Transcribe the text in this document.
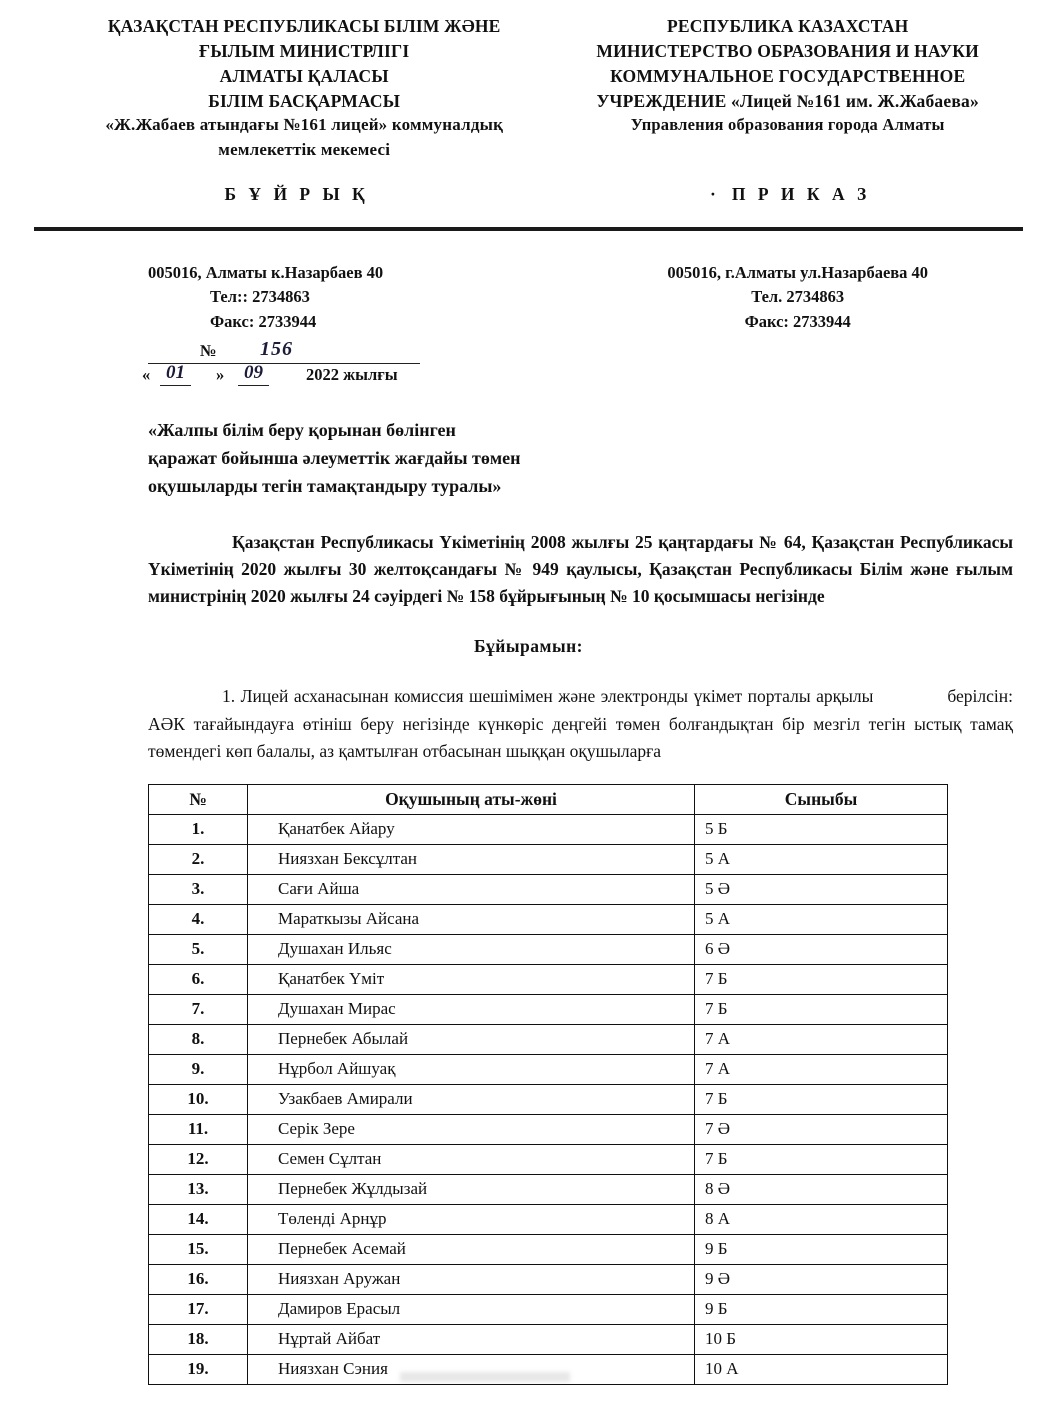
ҚАЗАҚСТАН РЕСПУБЛИКАСЫ БІЛІМ ЖӘНЕ
ҒЫЛЫМ МИНИСТРЛІГІ
АЛМАТЫ ҚАЛАСЫ
БІЛІМ БАСҚАРМАСЫ
«Ж.Жабаев атындағы №161 лицей» коммуналдық
мемлекеттік мекемесі
РЕСПУБЛИКА КАЗАХСТАН
МИНИСТЕРСТВО ОБРАЗОВАНИЯ И НАУКИ
КОММУНАЛЬНОЕ ГОСУДАРСТВЕННОЕ
УЧРЕЖДЕНИЕ «Лицей №161 им. Ж.Жабаева»
Управления образования города Алматы
Б Ұ Й Р Ы Қ	· П Р И К А З
005016, Алматы к.Назарбаев 40
Тел:: 2734863
Факс: 2733944
005016, г.Алматы ул.Назарбаева 40
Тел. 2734863
Факс: 2733944
№ 156
« 01	»	09	2022 жылғы
«Жалпы білім беру қорынан бөлінген
қаражат бойынша әлеуметтік жағдайы төмен
оқушыларды тегін тамақтандыру туралы»
Қазақстан Республикасы Үкіметінің 2008 жылғы 25 қаңтардағы № 64, Қазақстан Республикасы Үкіметінің 2020 жылғы 30 желтоқсандағы № 949 қаулысы, Қазақстан Республикасы Білім және ғылым министрінің 2020 жылғы 24 сәуірдегі № 158 бұйрығының № 10 қосымшасы негізінде
Бұйырамын:
берілсін:
1. Лицей асханасынан комиссия шешімімен және электронды үкімет порталы арқылы АӘК тағайындауға өтініш беру негізінде күнкөріс деңгейі төмен болғандықтан бір мезгіл тегін ыстық тамақ төмендегі көп балалы, аз қамтылған отбасынан шыққан оқушыларға
№	Оқушының аты-жөні	Сыныбы
1.	Қанатбек Айару	5 Б
2.	Ниязхан Бексұлтан	5 А
3.	Сағи Айша	5 Ә
4.	Мараткызы Айсана	5 А
5.	Душахан Ильяс	6 Ә
6.	Қанатбек Үміт	7 Б
7.	Душахан Мирас	7 Б
8.	Пернебек Абылай	7 А
9.	Нұрбол Айшуақ	7 А
10.	Узакбаев Амирали	7 Б
11.	Серік Зере	7 Ә
12.	Семен Сұлтан	7 Б
13.	Пернебек Жұлдызай	8 Ә
14.	Төленді Арнұр	8 А
15.	Пернебек Асемай	9 Б
16.	Ниязхан Аружан	9 Ә
17.	Дамиров Ерасыл	9 Б
18.	Нұртай Айбат	10 Б
19.	Ниязхан Сэния	10 А
